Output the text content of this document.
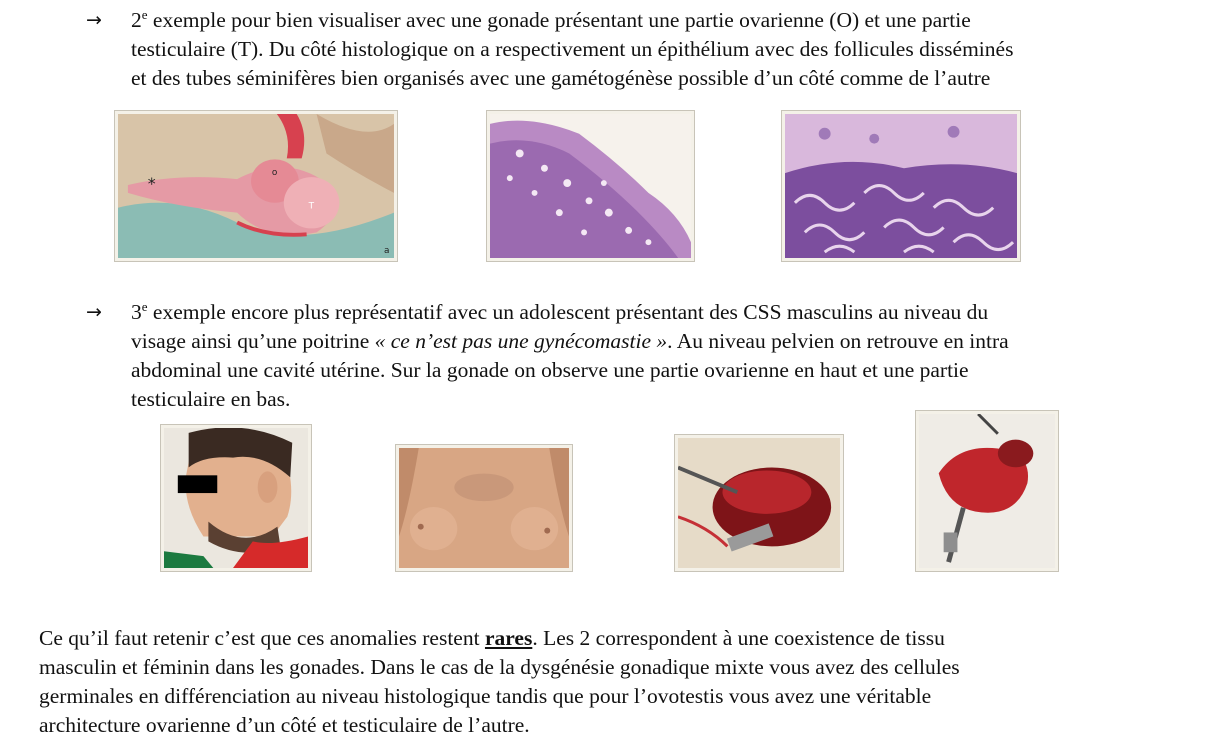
→ $2^e$ exemple pour bien visualiser avec une gonade présentant une partie ovarienne (O) et une partie
testiculaire (T). Du côté histologique on a respectivement un épithélium avec des follicules disséminés
et des tubes séminifères bien organisés avec une gamétogénèse possible d’un côté comme de l’autre
*
o
T
a
→ $3^e$ exemple encore plus représentatif avec un adolescent présentant des CSS masculins au niveau du
visage ainsi qu’une poitrine « ce n’est pas une gynécomastie ». Au niveau pelvien on retrouve en intra
abdominal une cavité utérine. Sur la gonade on observe une partie ovarienne en haut et une partie
testiculaire en bas.
Ce qu’il faut retenir c’est que ces anomalies restent rares. Les 2 correspondent à une coexistence de tissu
masculin et féminin dans les gonades. Dans le cas de la dysgénésie gonadique mixte vous avez des cellules
germinales en différenciation au niveau histologique tandis que pour l’ovotestis vous avez une véritable
architecture ovarienne d’un côté et testiculaire de l’autre.
